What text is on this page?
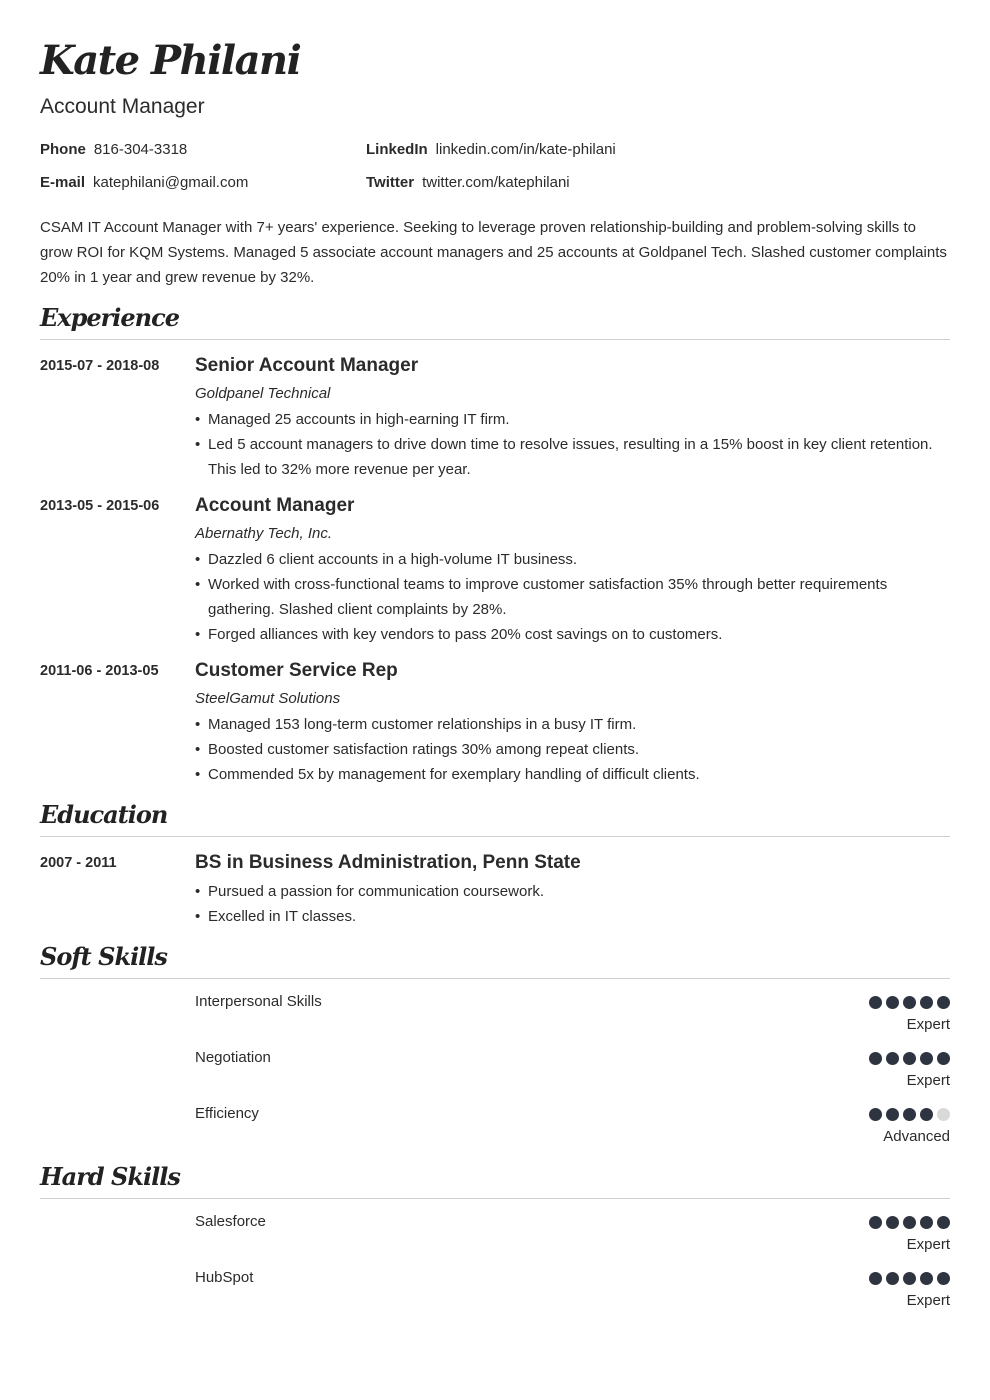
Kate Philani
Account Manager
Phone 816-304-3318	LinkedIn linkedin.com/in/kate-philani
E-mail katephilani@gmail.com	Twitter twitter.com/katephilani
CSAM IT Account Manager with 7+ years' experience. Seeking to leverage proven relationship-building and problem-solving skills to grow ROI for KQM Systems. Managed 5 associate account managers and 25 accounts at Goldpanel Tech. Slashed customer complaints 20% in 1 year and grew revenue by 32%.
Experience
2015-07 - 2018-08 Senior Account Manager
Goldpanel Technical
• Managed 25 accounts in high-earning IT firm.
• Led 5 account managers to drive down time to resolve issues, resulting in a 15% boost in key client retention. This led to 32% more revenue per year.
2013-05 - 2015-06 Account Manager
Abernathy Tech, Inc.
• Dazzled 6 client accounts in a high-volume IT business.
• Worked with cross-functional teams to improve customer satisfaction 35% through better requirements gathering. Slashed client complaints by 28%.
• Forged alliances with key vendors to pass 20% cost savings on to customers.
2011-06 - 2013-05 Customer Service Rep
SteelGamut Solutions
• Managed 153 long-term customer relationships in a busy IT firm.
• Boosted customer satisfaction ratings 30% among repeat clients.
• Commended 5x by management for exemplary handling of difficult clients.
Education
2007 - 2011	BS in Business Administration, Penn State
• Pursued a passion for communication coursework.
• Excelled in IT classes.
Soft Skills
Interpersonal Skills
Expert
Negotiation
Expert
Efficiency
Advanced
Hard Skills
Salesforce
Expert
HubSpot
Expert
